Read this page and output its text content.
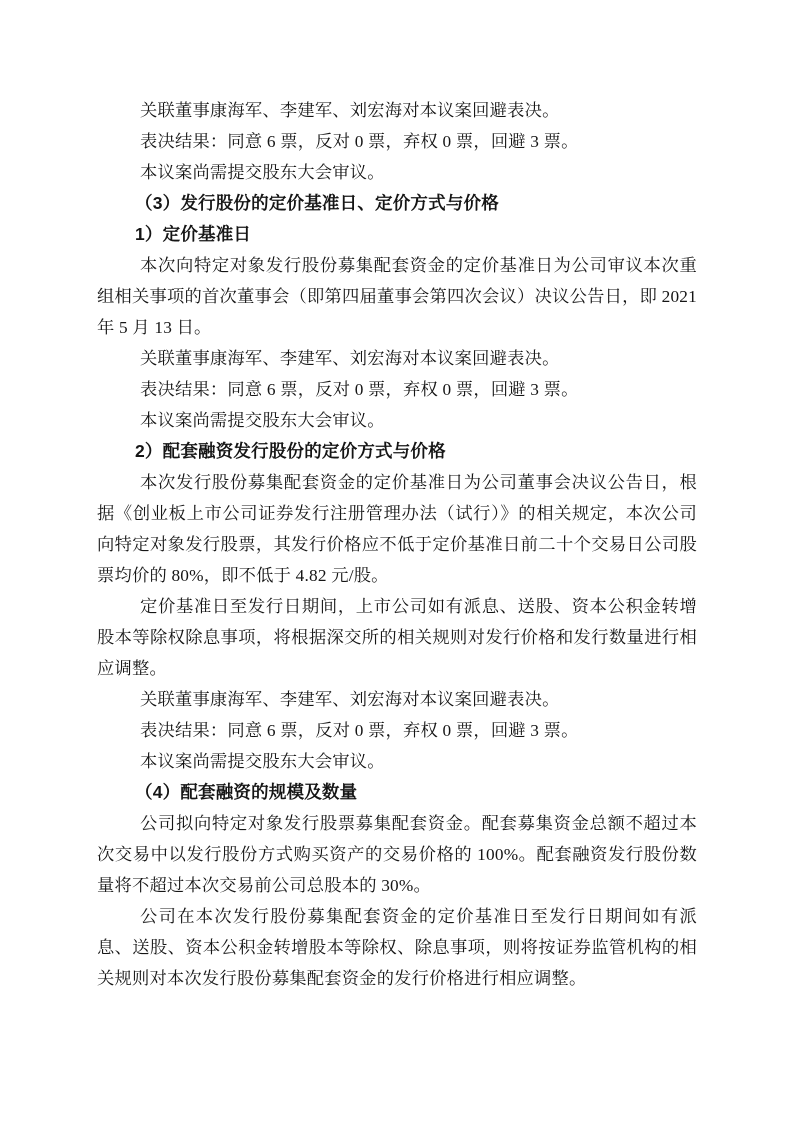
关联董事康海军、李建军、刘宏海对本议案回避表决。

表决结果：同意 6 票，反对 0 票，弃权 0 票，回避 3 票。

本议案尚需提交股东大会审议。

（3）发行股份的定价基准日、定价方式与价格

1）定价基准日

本次向特定对象发行股份募集配套资金的定价基准日为公司审议本次重组相关事项的首次董事会（即第四届董事会第四次会议）决议公告日，即 2021 年 5 月 13 日。

关联董事康海军、李建军、刘宏海对本议案回避表决。

表决结果：同意 6 票，反对 0 票，弃权 0 票，回避 3 票。

本议案尚需提交股东大会审议。

2）配套融资发行股份的定价方式与价格

本次发行股份募集配套资金的定价基准日为公司董事会决议公告日，根据《创业板上市公司证券发行注册管理办法（试行）》的相关规定，本次公司向特定对象发行股票，其发行价格应不低于定价基准日前二十个交易日公司股票均价的 80%，即不低于 4.82 元/股。

定价基准日至发行日期间，上市公司如有派息、送股、资本公积金转增股本等除权除息事项，将根据深交所的相关规则对发行价格和发行数量进行相应调整。

关联董事康海军、李建军、刘宏海对本议案回避表决。

表决结果：同意 6 票，反对 0 票，弃权 0 票，回避 3 票。

本议案尚需提交股东大会审议。

（4）配套融资的规模及数量

公司拟向特定对象发行股票募集配套资金。配套募集资金总额不超过本次交易中以发行股份方式购买资产的交易价格的 100%。配套融资发行股份数量将不超过本次交易前公司总股本的 30%。

公司在本次发行股份募集配套资金的定价基准日至发行日期间如有派息、送股、资本公积金转增股本等除权、除息事项，则将按证券监管机构的相关规则对本次发行股份募集配套资金的发行价格进行相应调整。
